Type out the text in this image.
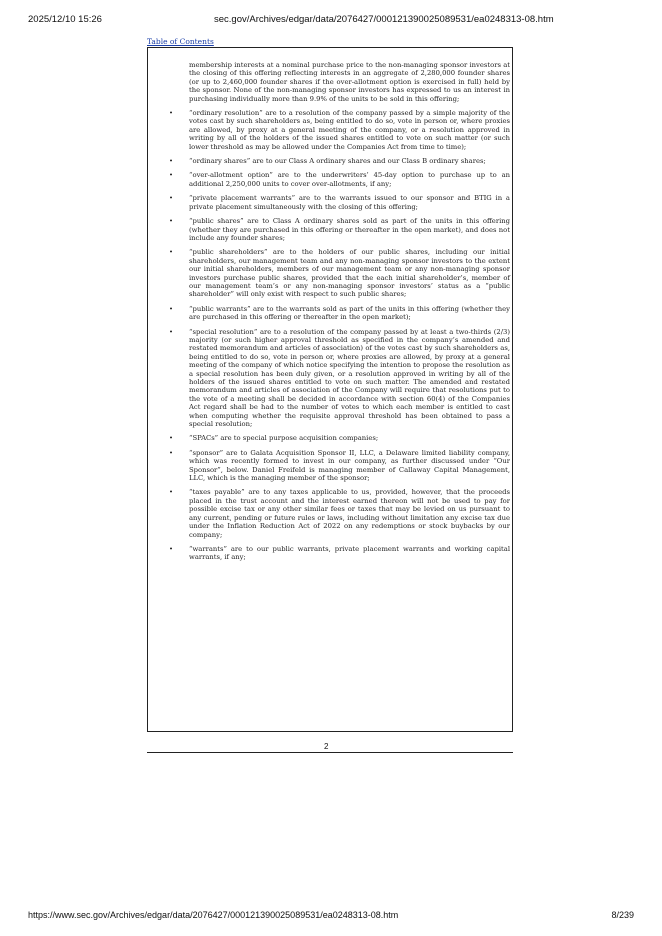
2025/12/10 15:26	sec.gov/Archives/edgar/data/2076427/000121390025089531/ea0248313-08.htm
Table of Contents

membership interests at a nominal purchase price to the non-managing sponsor investors at the closing of this offering reflecting interests in an aggregate of 2,280,000 founder shares (or up to 2,460,000 founder shares if the over-allotment option is exercised in full) held by the sponsor. None of the non-managing sponsor investors has expressed to us an interest in purchasing individually more than 9.9% of the units to be sold in this offering;

• “ordinary resolution” are to a resolution of the company passed by a simple majority of the votes cast by such shareholders as, being entitled to do so, vote in person or, where proxies are allowed, by proxy at a general meeting of the company, or a resolution approved in writing by all of the holders of the issued shares entitled to vote on such matter (or such lower threshold as may be allowed under the Companies Act from time to time);
• “ordinary shares” are to our Class A ordinary shares and our Class B ordinary shares;
• “over-allotment option” are to the underwriters’ 45-day option to purchase up to an additional 2,250,000 units to cover over-allotments, if any;
• “private placement warrants” are to the warrants issued to our sponsor and BTIG in a private placement simultaneously with the closing of this offering;
• “public shares” are to Class A ordinary shares sold as part of the units in this offering (whether they are purchased in this offering or thereafter in the open market), and does not include any founder shares;
• “public shareholders” are to the holders of our public shares, including our initial shareholders, our management team and any non-managing sponsor investors to the extent our initial shareholders, members of our management team or any non-managing sponsor investors purchase public shares, provided that the each initial shareholder’s, member of our management team’s or any non-managing sponsor investors’ status as a “public shareholder” will only exist with respect to such public shares;
• “public warrants” are to the warrants sold as part of the units in this offering (whether they are purchased in this offering or thereafter in the open market);
• “special resolution” are to a resolution of the company passed by at least a two-thirds (2/3) majority (or such higher approval threshold as specified in the company’s amended and restated memorandum and articles of association) of the votes cast by such shareholders as, being entitled to do so, vote in person or, where proxies are allowed, by proxy at a general meeting of the company of which notice specifying the intention to propose the resolution as a special resolution has been duly given, or a resolution approved in writing by all of the holders of the issued shares entitled to vote on such matter. The amended and restated memorandum and articles of association of the Company will require that resolutions put to the vote of a meeting shall be decided in accordance with section 60(4) of the Companies Act regard shall be had to the number of votes to which each member is entitled to cast when computing whether the requisite approval threshold has been obtained to pass a special resolution;
• “SPACs” are to special purpose acquisition companies;
• “sponsor” are to Galata Acquisition Sponsor II, LLC, a Delaware limited liability company, which was recently formed to invest in our company, as further discussed under “Our Sponsor”, below. Daniel Freifeld is managing member of Callaway Capital Management, LLC, which is the managing member of the sponsor;
• “taxes payable” are to any taxes applicable to us, provided, however, that the proceeds placed in the trust account and the interest earned thereon will not be used to pay for possible excise tax or any other similar fees or taxes that may be levied on us pursuant to any current, pending or future rules or laws, including without limitation any excise tax due under the Inflation Reduction Act of 2022 on any redemptions or stock buybacks by our company;
• “warrants” are to our public warrants, private placement warrants and working capital warrants, if any;
2
https://www.sec.gov/Archives/edgar/data/2076427/000121390025089531/ea0248313-08.htm	8/239
